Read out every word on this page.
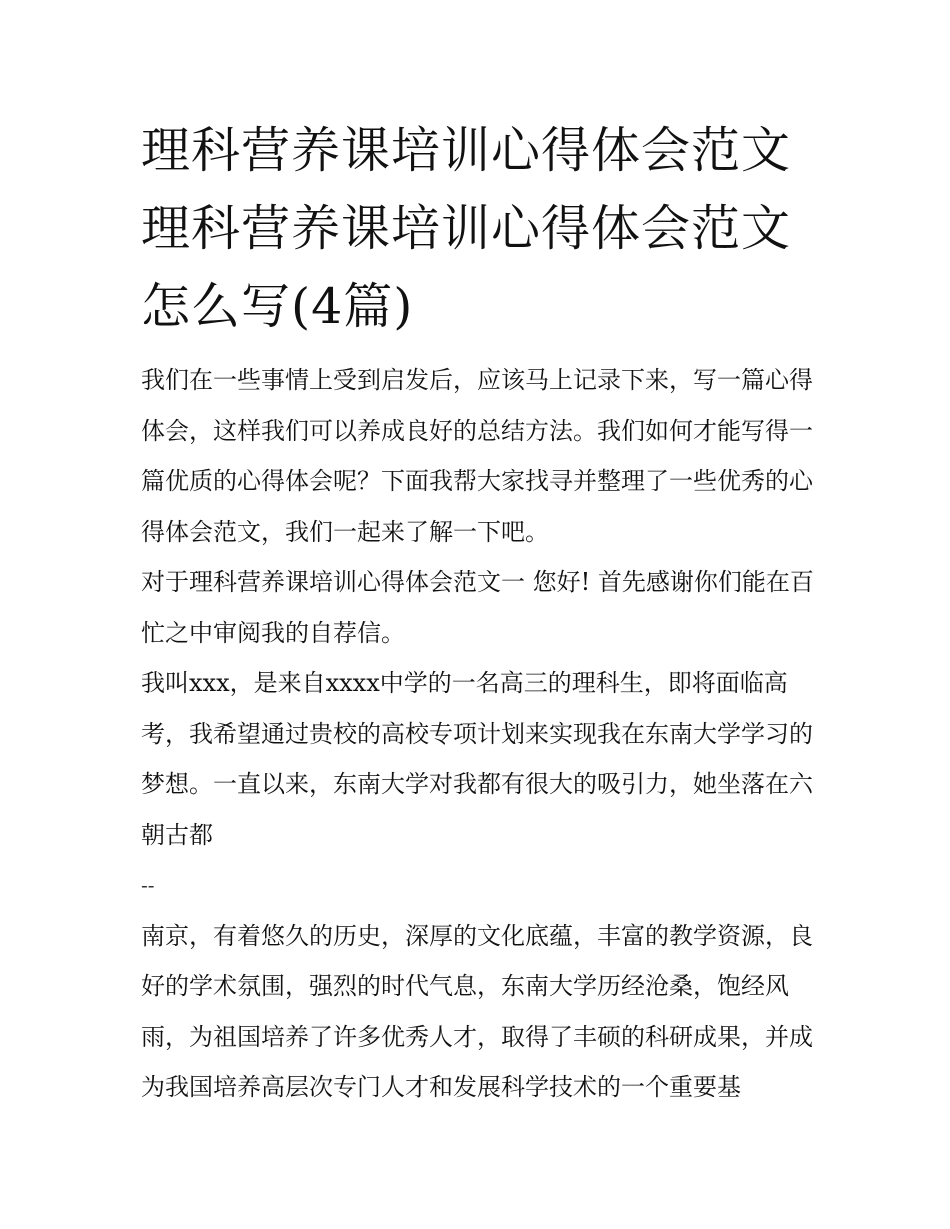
理科营养课培训心得体会范文理科营养课培训心得体会范文怎么写(4篇)

我们在一些事情上受到启发后，应该马上记录下来，写一篇心得体会，这样我们可以养成良好的总结方法。我们如何才能写得一篇优质的心得体会呢？下面我帮大家找寻并整理了一些优秀的心得体会范文，我们一起来了解一下吧。

对于理科营养课培训心得体会范文一 您好! 首先感谢你们能在百忙之中审阅我的自荐信。

我叫xxx，是来自xxxx中学的一名高三的理科生，即将面临高考，我希望通过贵校的高校专项计划来实现我在东南大学学习的梦想。一直以来，东南大学对我都有很大的吸引力，她坐落在六朝古都

--

南京，有着悠久的历史，深厚的文化底蕴，丰富的教学资源，良好的学术氛围，强烈的时代气息，东南大学历经沧桑，饱经风雨，为祖国培养了许多优秀人才，取得了丰硕的科研成果，并成为我国培养高层次专门人才和发展科学技术的一个重要基
